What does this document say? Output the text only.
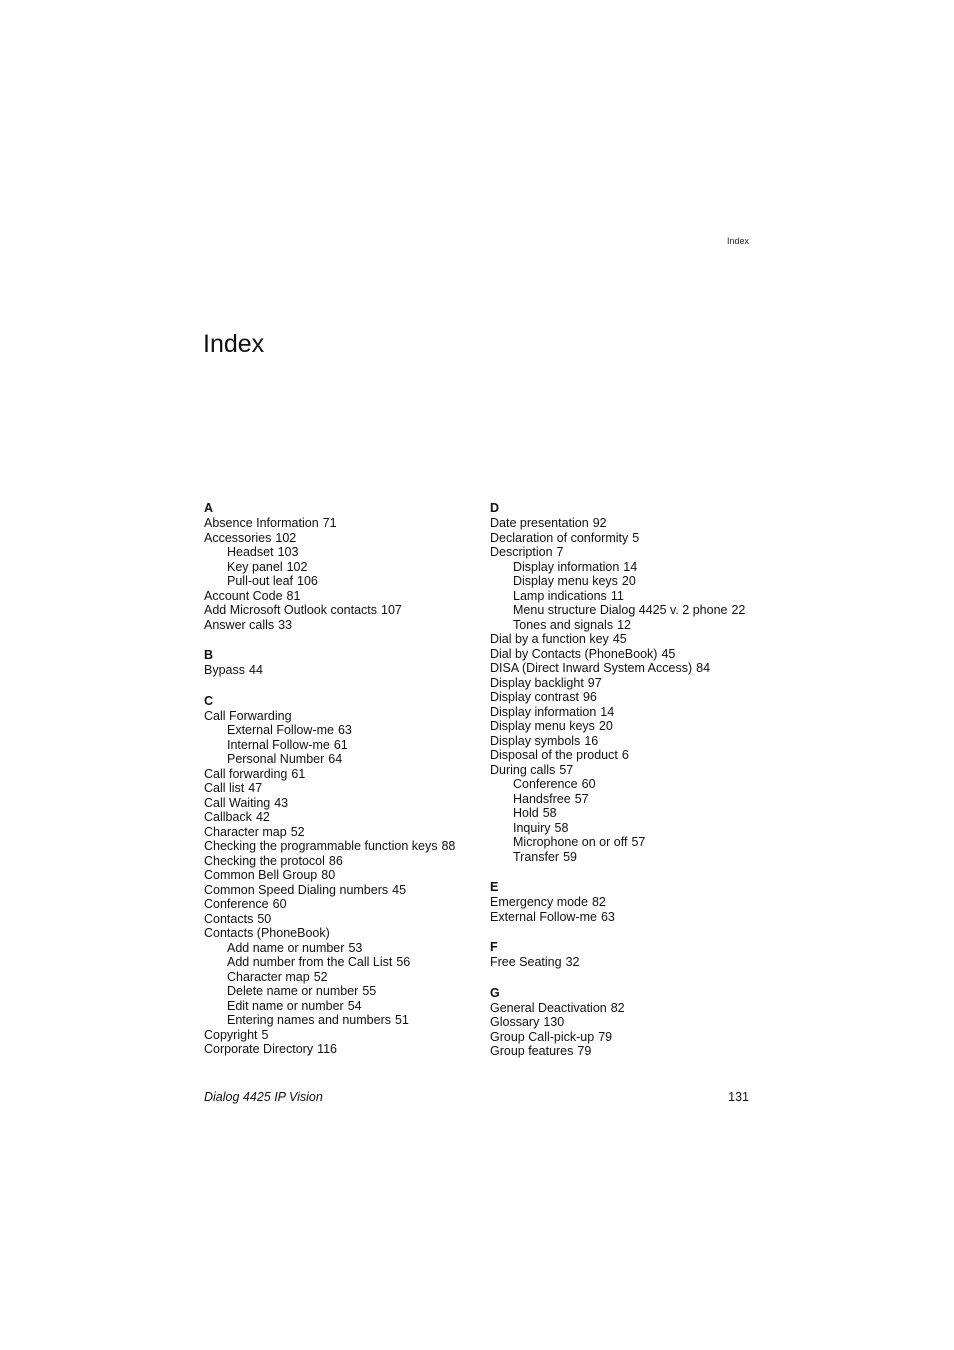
Index
Index
A
Absence Information 71
Accessories 102
Headset 103
Key panel 102
Pull-out leaf 106
Account Code 81
Add Microsoft Outlook contacts 107
Answer calls 33
B
Bypass 44
C
Call Forwarding
External Follow-me 63
Internal Follow-me 61
Personal Number 64
Call forwarding 61
Call list 47
Call Waiting 43
Callback 42
Character map 52
Checking the programmable function keys 88
Checking the protocol 86
Common Bell Group 80
Common Speed Dialing numbers 45
Conference 60
Contacts 50
Contacts (PhoneBook)
Add name or number 53
Add number from the Call List 56
Character map 52
Delete name or number 55
Edit name or number 54
Entering names and numbers 51
Copyright 5
Corporate Directory 116
D
Date presentation 92
Declaration of conformity 5
Description 7
Display information 14
Display menu keys 20
Lamp indications 11
Menu structure Dialog 4425 v. 2 phone 22
Tones and signals 12
Dial by a function key 45
Dial by Contacts (PhoneBook) 45
DISA (Direct Inward System Access) 84
Display backlight 97
Display contrast 96
Display information 14
Display menu keys 20
Display symbols 16
Disposal of the product 6
During calls 57
Conference 60
Handsfree 57
Hold 58
Inquiry 58
Microphone on or off 57
Transfer 59
E
Emergency mode 82
External Follow-me 63
F
Free Seating 32
G
General Deactivation 82
Glossary 130
Group Call-pick-up 79
Group features 79
Dialog 4425 IP Vision	131
